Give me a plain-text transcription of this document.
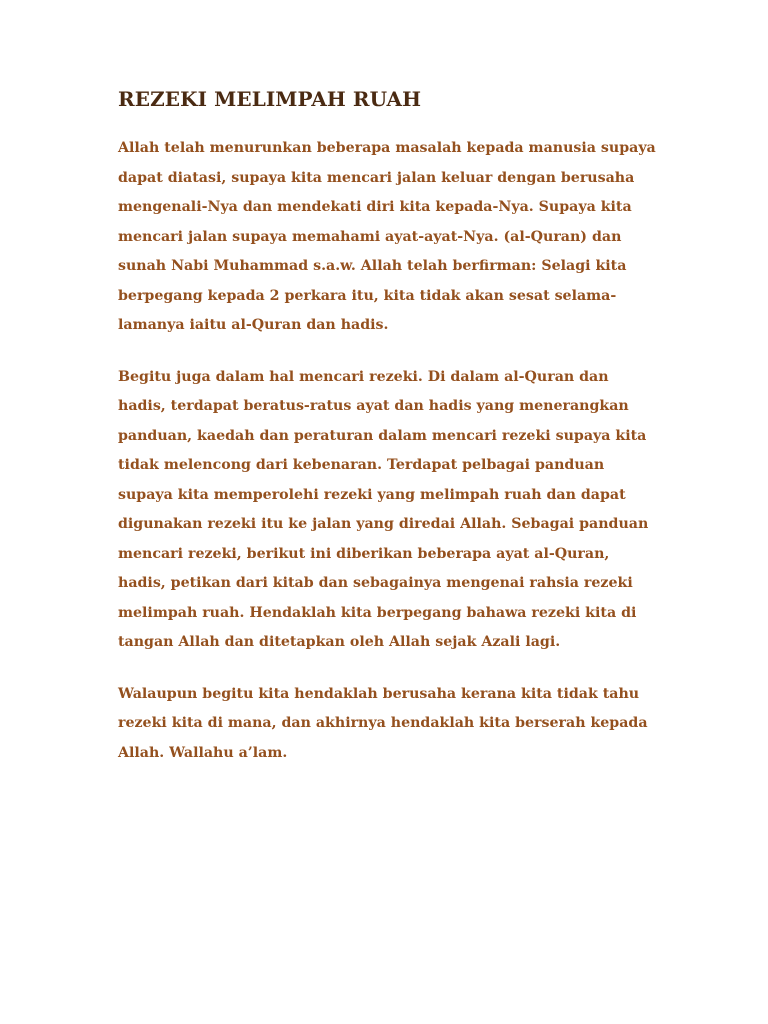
REZEKI MELIMPAH RUAH

Allah telah menurunkan beberapa masalah kepada manusia supaya
dapat diatasi, supaya kita mencari jalan keluar dengan berusaha
mengenali-Nya dan mendekati diri kita kepada-Nya. Supaya kita
mencari jalan supaya memahami ayat-ayat-Nya. (al-Quran) dan
sunah Nabi Muhammad s.a.w. Allah telah berfirman: Selagi kita
berpegang kepada 2 perkara itu, kita tidak akan sesat selama-
lamanya iaitu al-Quran dan hadis.

Begitu juga dalam hal mencari rezeki. Di dalam al-Quran dan
hadis, terdapat beratus-ratus ayat dan hadis yang menerangkan
panduan, kaedah dan peraturan dalam mencari rezeki supaya kita
tidak melencong dari kebenaran. Terdapat pelbagai panduan
supaya kita memperolehi rezeki yang melimpah ruah dan dapat
digunakan rezeki itu ke jalan yang diredai Allah. Sebagai panduan
mencari rezeki, berikut ini diberikan beberapa ayat al-Quran,
hadis, petikan dari kitab dan sebagainya mengenai rahsia rezeki
melimpah ruah. Hendaklah kita berpegang bahawa rezeki kita di
tangan Allah dan ditetapkan oleh Allah sejak Azali lagi.

Walaupun begitu kita hendaklah berusaha kerana kita tidak tahu
rezeki kita di mana, dan akhirnya hendaklah kita berserah kepada
Allah. Wallahu a’lam.
